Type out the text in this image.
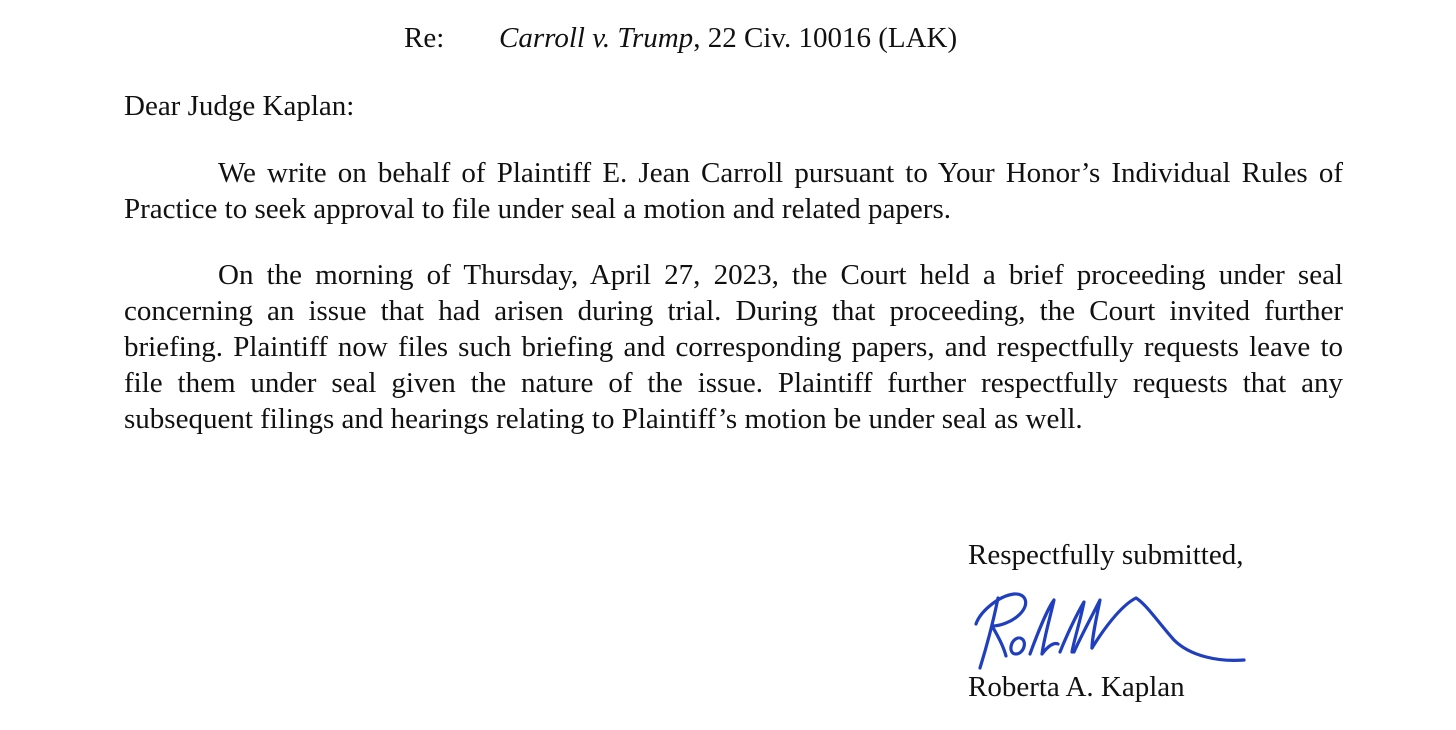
Re: Carroll v. Trump, 22 Civ. 10016 (LAK)
Dear Judge Kaplan:

We write on behalf of Plaintiff E. Jean Carroll pursuant to Your Honor’s Individual Rules of Practice to seek approval to file under seal a motion and related papers.

On the morning of Thursday, April 27, 2023, the Court held a brief proceeding under seal concerning an issue that had arisen during trial. During that proceeding, the Court invited further briefing. Plaintiff now files such briefing and corresponding papers, and respectfully requests leave to file them under seal given the nature of the issue. Plaintiff further respectfully requests that any subsequent filings and hearings relating to Plaintiff’s motion be under seal as well.

Respectfully submitted,
Roberta A. Kaplan
